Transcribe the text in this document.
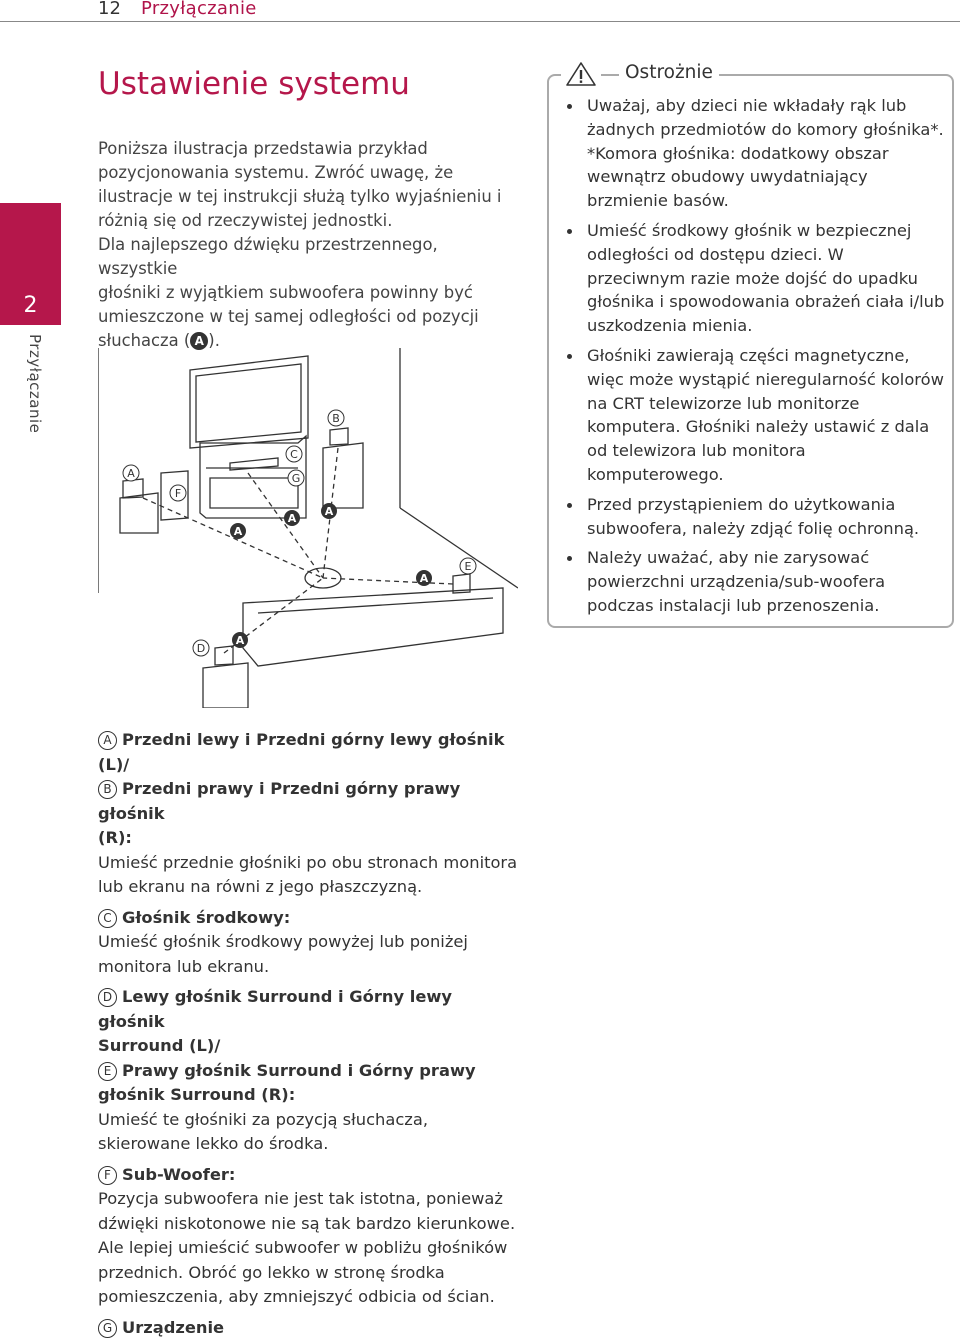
12 Przyłączanie
2
Przyłączanie
Ustawienie systemu
Poniższa ilustracja przedstawia przykład
pozycjonowania systemu. Zwróć uwagę, że
ilustracje w tej instrukcji służą tylko wyjaśnieniu i
różnią się od rzeczywistej jednostki.
Dla najlepszego dźwięku przestrzennego, wszystkie
głośniki z wyjątkiem subwoofera powinny być
umieszczone w tej samej odległości od pozycji
słuchacza ( A ).
A
B
C
G
F
A
A
A
A
E
D
A
Ostrożnie
Uważaj, aby dzieci nie wkładały rąk lub żadnych przedmiotów do komory głośnika*. *Komora głośnika: dodatkowy obszar wewnątrz obudowy uwydatniający brzmienie basów.
Umieść środkowy głośnik w bezpiecznej odległości od dostępu dzieci. W przeciwnym razie może dojść do upadku głośnika i spowodowania obrażeń ciała i/lub uszkodzenia mienia.
Głośniki zawierają części magnetyczne, więc może wystąpić nieregularność kolorów na CRT telewizorze lub monitorze komputera. Głośniki należy ustawić z dala od telewizora lub monitora komputerowego.
Przed przystąpieniem do użytkowania subwoofera, należy zdjąć folię ochronną.
Należy uważać, aby nie zarysować powierzchni urządzenia/sub-woofera podczas instalacji lub przenoszenia.
A Przedni lewy i Przedni górny lewy głośnik (L)/
B Przedni prawy i Przedni górny prawy głośnik
(R):
Umieść przednie głośniki po obu stronach monitora lub ekranu na równi z jego płaszczyzną.
C Głośnik środkowy:
Umieść głośnik środkowy powyżej lub poniżej monitora lub ekranu.
D Lewy głośnik Surround i Górny lewy głośnik
Surround (L)/
E Prawy głośnik Surround i Górny prawy
głośnik Surround (R):
Umieść te głośniki za pozycją słuchacza, skierowane lekko do środka.
F Sub-Woofer:
Pozycja subwoofera nie jest tak istotna, ponieważ dźwięki niskotonowe nie są tak bardzo kierunkowe. Ale lepiej umieścić subwoofer w pobliżu głośników przednich. Obróć go lekko w stronę środka pomieszczenia, aby zmniejszyć odbicia od ścian.
G Urządzenie
